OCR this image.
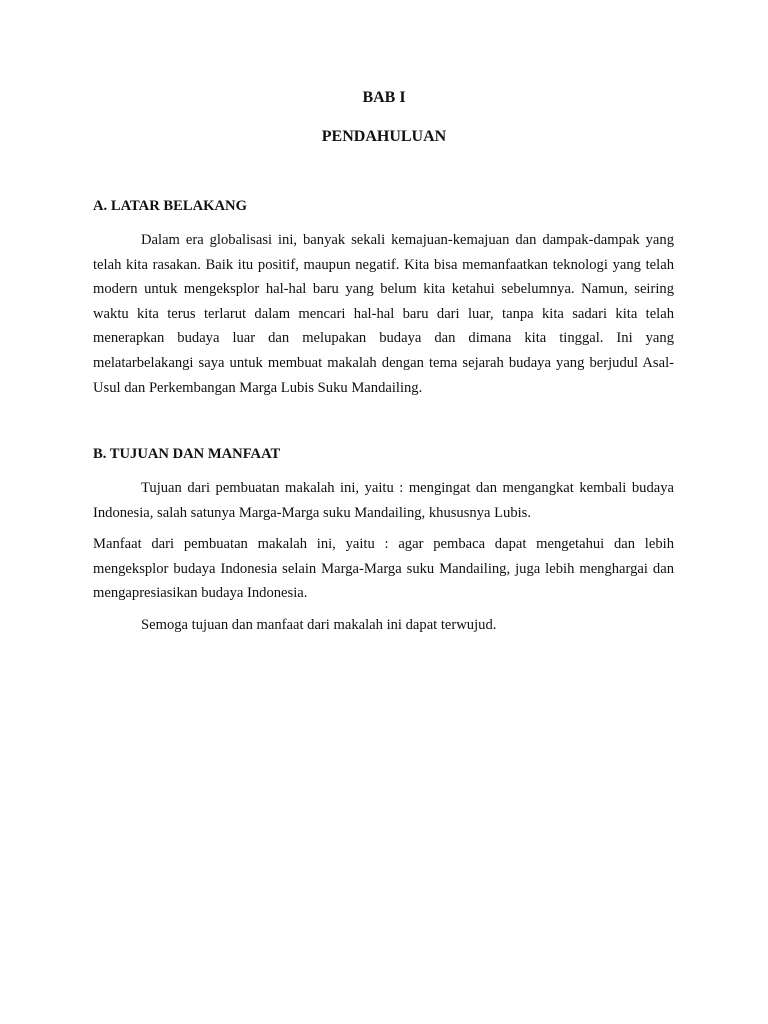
BAB I
PENDAHULUAN

A. LATAR BELAKANG

Dalam era globalisasi ini, banyak sekali kemajuan-kemajuan dan dampak-dampak yang telah kita rasakan. Baik itu positif, maupun negatif. Kita bisa memanfaatkan teknologi yang telah modern untuk mengeksplor hal-hal baru yang belum kita ketahui sebelumnya. Namun, seiring waktu kita terus terlarut dalam mencari hal-hal baru dari luar, tanpa kita sadari kita telah menerapkan budaya luar dan melupakan budaya dan dimana kita tinggal. Ini yang melatarbelakangi saya untuk membuat makalah dengan tema sejarah budaya yang berjudul Asal-Usul dan Perkembangan Marga Lubis Suku Mandailing.

B. TUJUAN DAN MANFAAT

Tujuan dari pembuatan makalah ini, yaitu : mengingat dan mengangkat kembali budaya Indonesia, salah satunya Marga-Marga suku Mandailing, khususnya Lubis.

Manfaat dari pembuatan makalah ini, yaitu : agar pembaca dapat mengetahui dan lebih mengeksplor budaya Indonesia selain Marga-Marga suku Mandailing, juga lebih menghargai dan mengapresiasikan budaya Indonesia.

Semoga tujuan dan manfaat dari makalah ini dapat terwujud.
